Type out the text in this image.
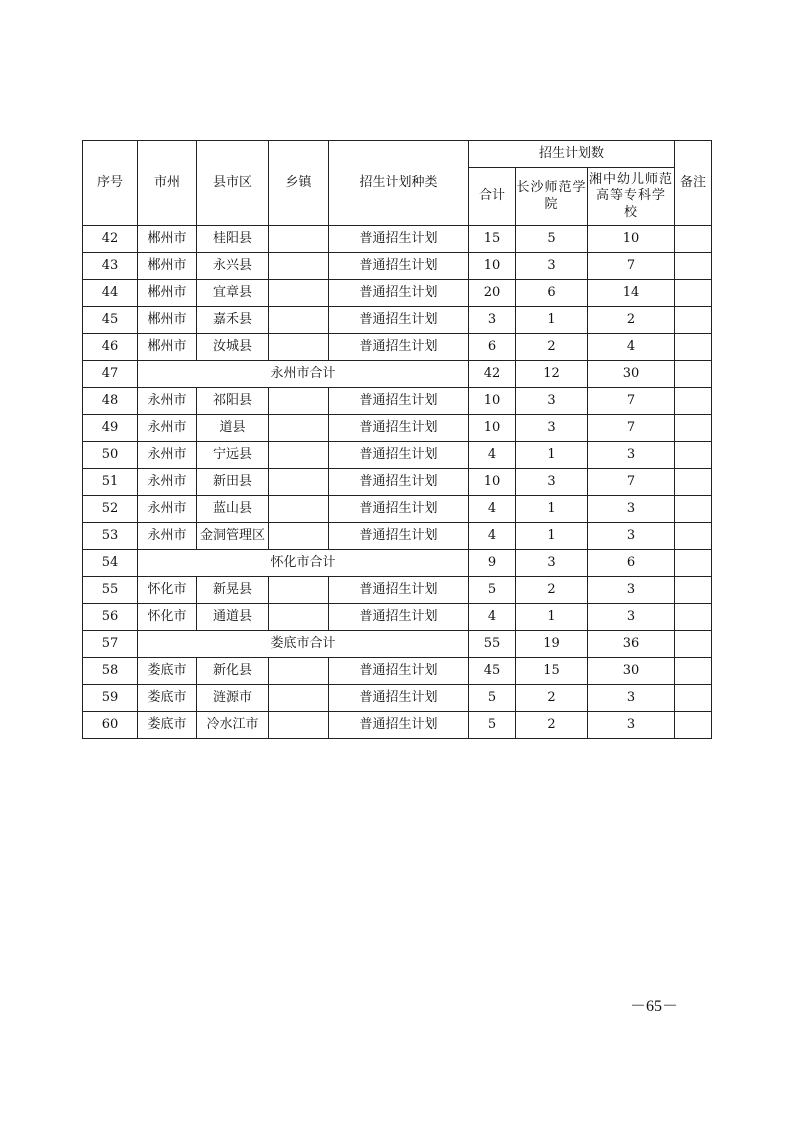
序号	市州	县市区	乡镇	招生计划种类	招生计划数			备注
					合计	长沙师范学 院	湘中幼儿师范高等专科学 校	
42	郴州市	桂阳县		普通招生计划	15	5	10	
43	郴州市	永兴县		普通招生计划	10	3	7	
44	郴州市	宜章县		普通招生计划	20	6	14	
45	郴州市	嘉禾县		普通招生计划	3	1	2	
46	郴州市	汝城县		普通招生计划	6	2	4	
47	永州市合计				42	12	30	
48	永州市	祁阳县		普通招生计划	10	3	7	
49	永州市	道县		普通招生计划	10	3	7	
50	永州市	宁远县		普通招生计划	4	1	3	
51	永州市	新田县		普通招生计划	10	3	7	
52	永州市	蓝山县		普通招生计划	4	1	3	
53	永州市	金洞管理区		普通招生计划	4	1	3	
54	怀化市合计				9	3	6	
55	怀化市	新晃县		普通招生计划	5	2	3	
56	怀化市	通道县		普通招生计划	4	1	3	
57	娄底市合计				55	19	36	
58	娄底市	新化县		普通招生计划	45	15	30	
59	娄底市	涟源市		普通招生计划	5	2	3	
60	娄底市	冷水江市		普通招生计划	5	2	3	
－65－
